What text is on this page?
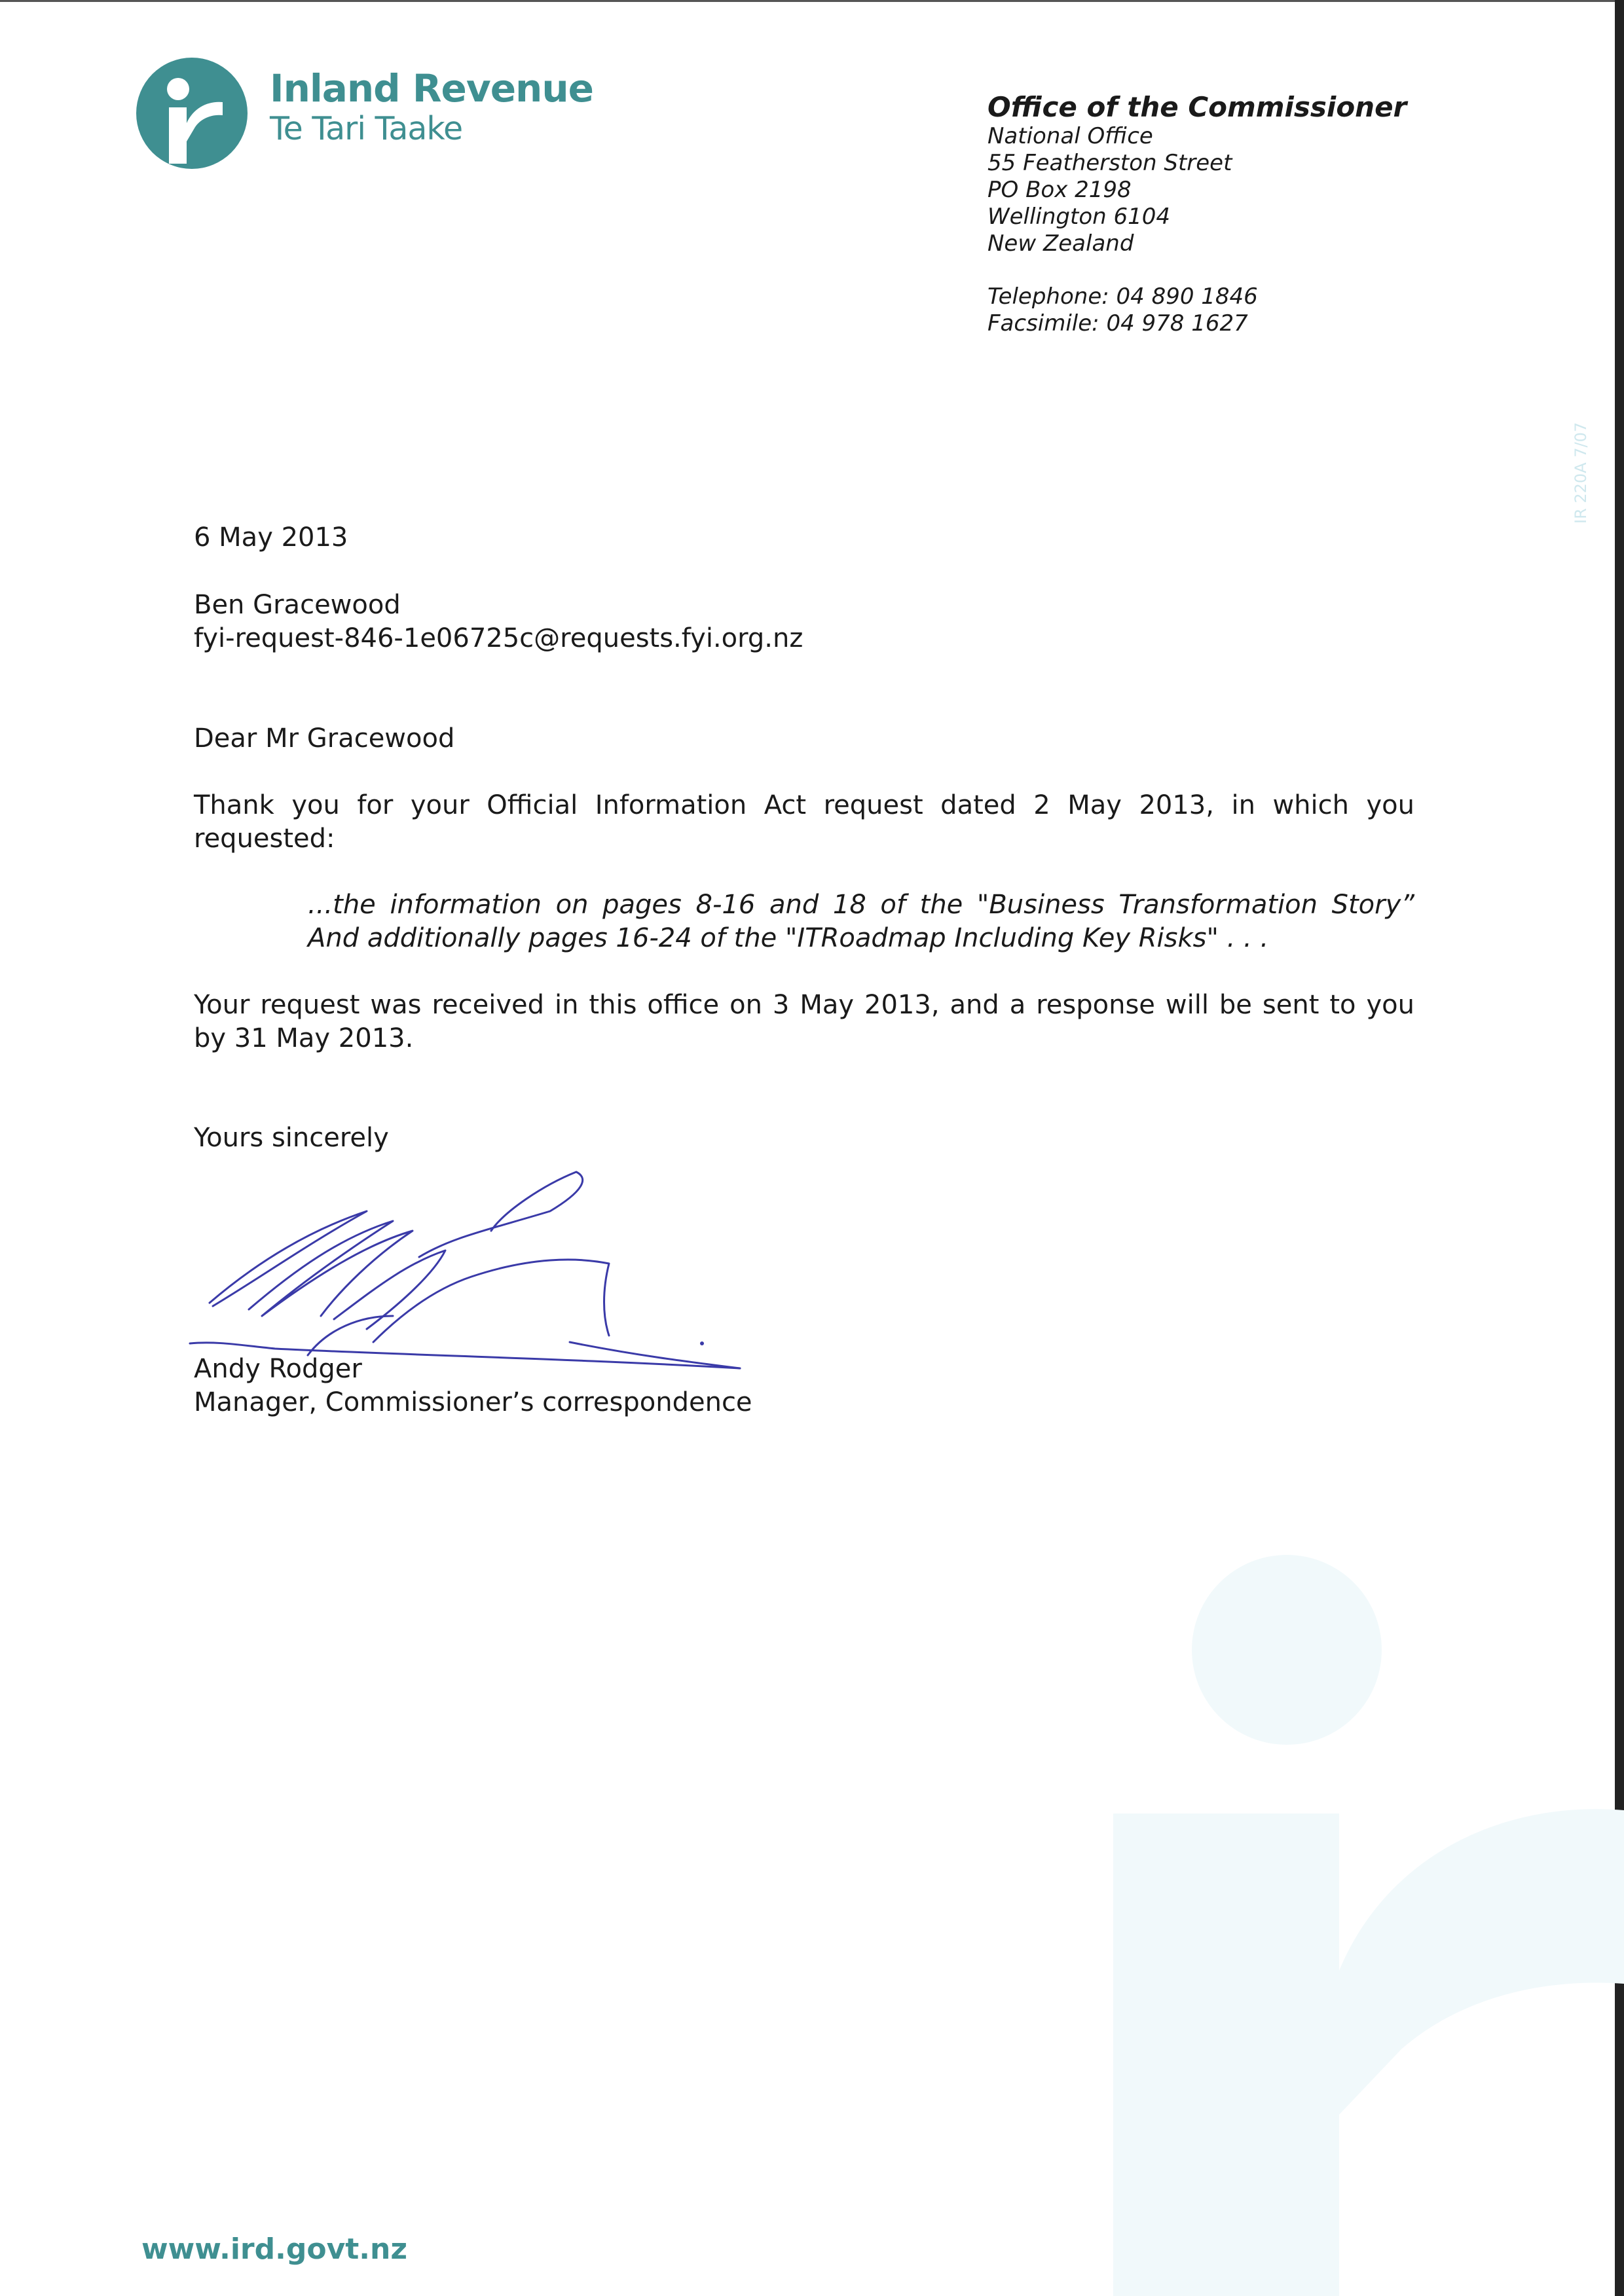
IR 220A 7/07
Inland Revenue
Te Tari Taake
Office of the Commissioner
National Office
55 Featherston Street
PO Box 2198
Wellington 6104
New Zealand
Telephone: 04 890 1846
Facsimile: 04 978 1627
6 May 2013
Ben Gracewood
fyi-request-846-1e06725c@requests.fyi.org.nz
Dear Mr Gracewood
Thank you for your Official Information Act request dated 2 May 2013, in which you requested:
...the information on pages 8-16 and 18 of the "Business Transformation Story”
And additionally pages 16-24 of the "ITRoadmap Including Key Risks" . . .
Your request was received in this office on 3 May 2013, and a response will be sent to you by 31 May 2013.
Yours sincerely
Andy Rodger
Manager, Commissioner’s correspondence
www.ird.govt.nz
